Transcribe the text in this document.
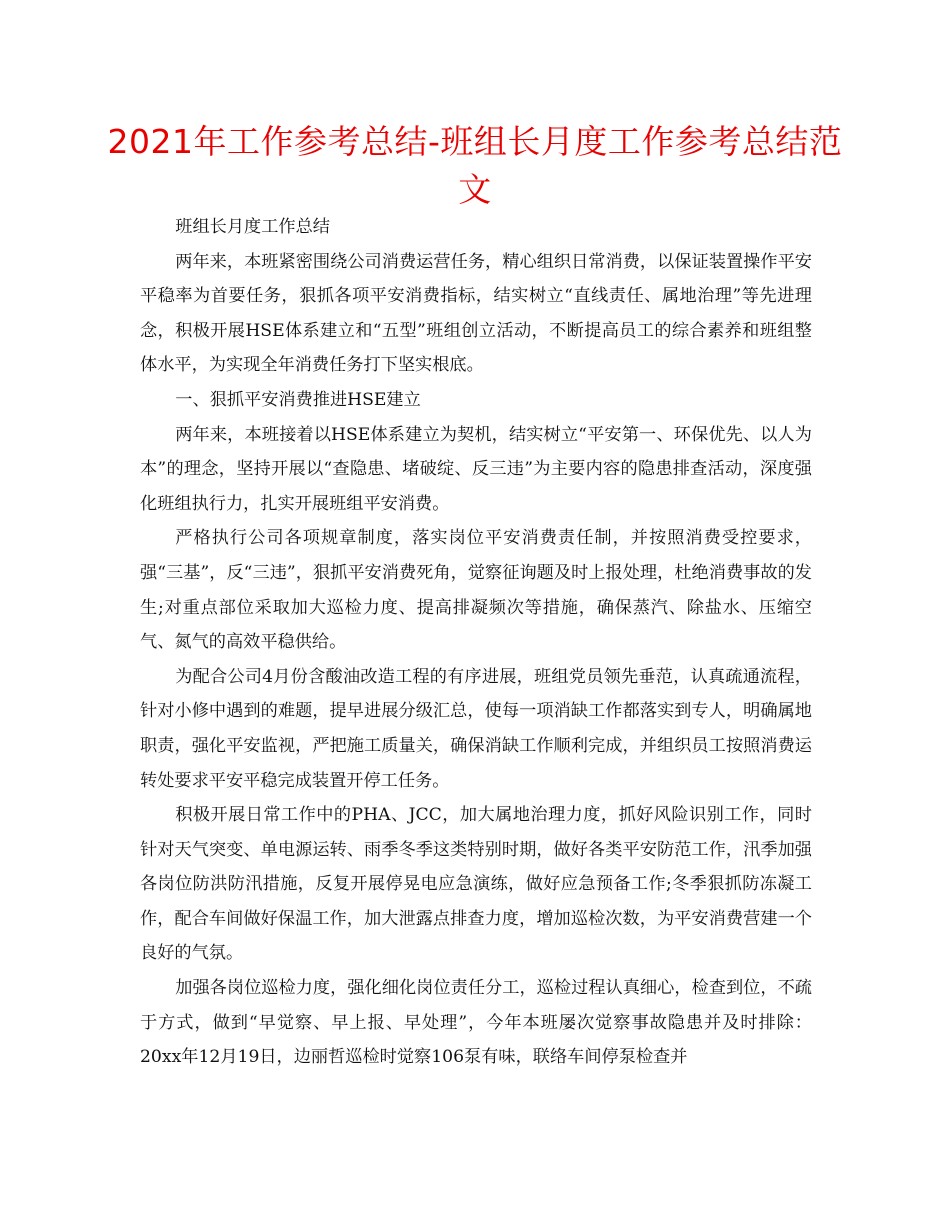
2021年工作参考总结-班组长月度工作参考总结范文

班组长月度工作总结

两年来，本班紧密围绕公司消费运营任务，精心组织日常消费，以保证装置操作平安平稳率为首要任务，狠抓各项平安消费指标，结实树立“直线责任、属地治理”等先进理念，积极开展HSE体系建立和“五型”班组创立活动，不断提高员工的综合素养和班组整体水平，为实现全年消费任务打下坚实根底。

一、狠抓平安消费推进HSE建立

两年来，本班接着以HSE体系建立为契机，结实树立“平安第一、环保优先、以人为本”的理念，坚持开展以“查隐患、堵破绽、反三违”为主要内容的隐患排查活动，深度强化班组执行力，扎实开展班组平安消费。

严格执行公司各项规章制度，落实岗位平安消费责任制，并按照消费受控要求，强“三基”，反“三违”，狠抓平安消费死角，觉察征询题及时上报处理，杜绝消费事故的发生;对重点部位采取加大巡检力度、提高排凝频次等措施，确保蒸汽、除盐水、压缩空气、氮气的高效平稳供给。

为配合公司4月份含酸油改造工程的有序进展，班组党员领先垂范，认真疏通流程，针对小修中遇到的难题，提早进展分级汇总，使每一项消缺工作都落实到专人，明确属地职责，强化平安监视，严把施工质量关，确保消缺工作顺利完成，并组织员工按照消费运转处要求平安平稳完成装置开停工任务。

积极开展日常工作中的PHA、JCC，加大属地治理力度，抓好风险识别工作，同时针对天气突变、单电源运转、雨季冬季这类特别时期，做好各类平安防范工作，汛季加强各岗位防洪防汛措施，反复开展停晃电应急演练，做好应急预备工作;冬季狠抓防冻凝工作，配合车间做好保温工作，加大泄露点排查力度，增加巡检次数，为平安消费营建一个良好的气氛。

加强各岗位巡检力度，强化细化岗位责任分工，巡检过程认真细心，检查到位，不疏于方式，做到“早觉察、早上报、早处理”，今年本班屡次觉察事故隐患并及时排除：20xx年12月19日，边丽哲巡检时觉察106泵有味，联络车间停泵检查并
